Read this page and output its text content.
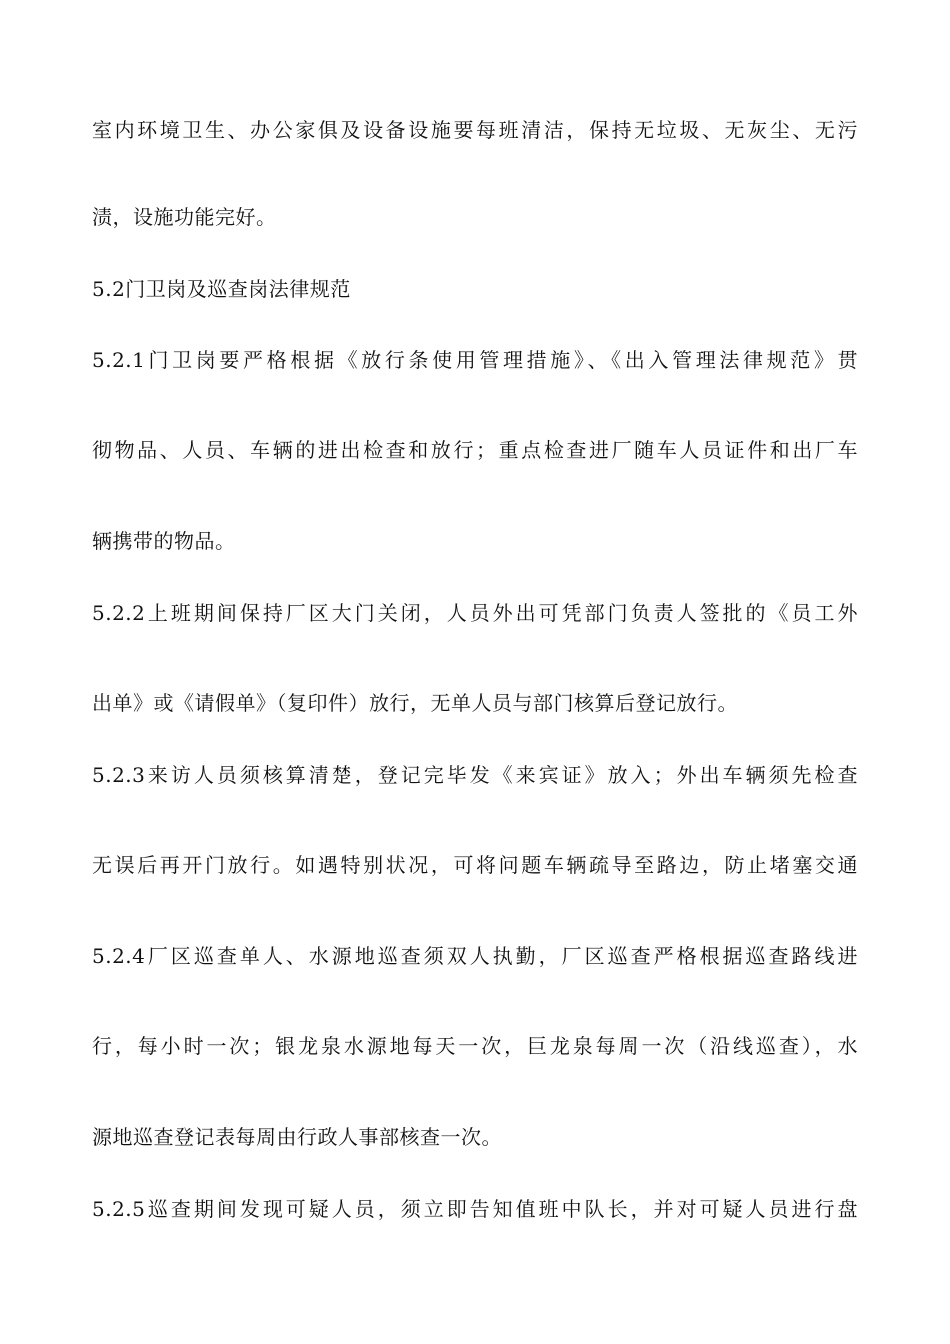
室内环境卫生、办公家俱及设备设施要每班清洁，保持无垃圾、无灰尘、无污
渍，设施功能完好。
5.2门卫岗及巡查岗法律规范
5.2.1门卫岗要严格根据《放行条使用管理措施》、《出入管理法律规范》贯
彻物品、人员、车辆的进出检查和放行；重点检查进厂随车人员证件和出厂车
辆携带的物品。
5.2.2上班期间保持厂区大门关闭，人员外出可凭部门负责人签批的《员工外
出单》或《请假单》（复印件）放行，无单人员与部门核算后登记放行。
5.2.3来访人员须核算清楚，登记完毕发《来宾证》放入；外出车辆须先检查
无误后再开门放行。如遇特别状况，可将问题车辆疏导至路边，防止堵塞交通
5.2.4厂区巡查单人、水源地巡查须双人执勤，厂区巡查严格根据巡查路线进
行，每小时一次；银龙泉水源地每天一次，巨龙泉每周一次（沿线巡查），水
源地巡查登记表每周由行政人事部核查一次。
5.2.5巡查期间发现可疑人员，须立即告知值班中队长，并对可疑人员进行盘
